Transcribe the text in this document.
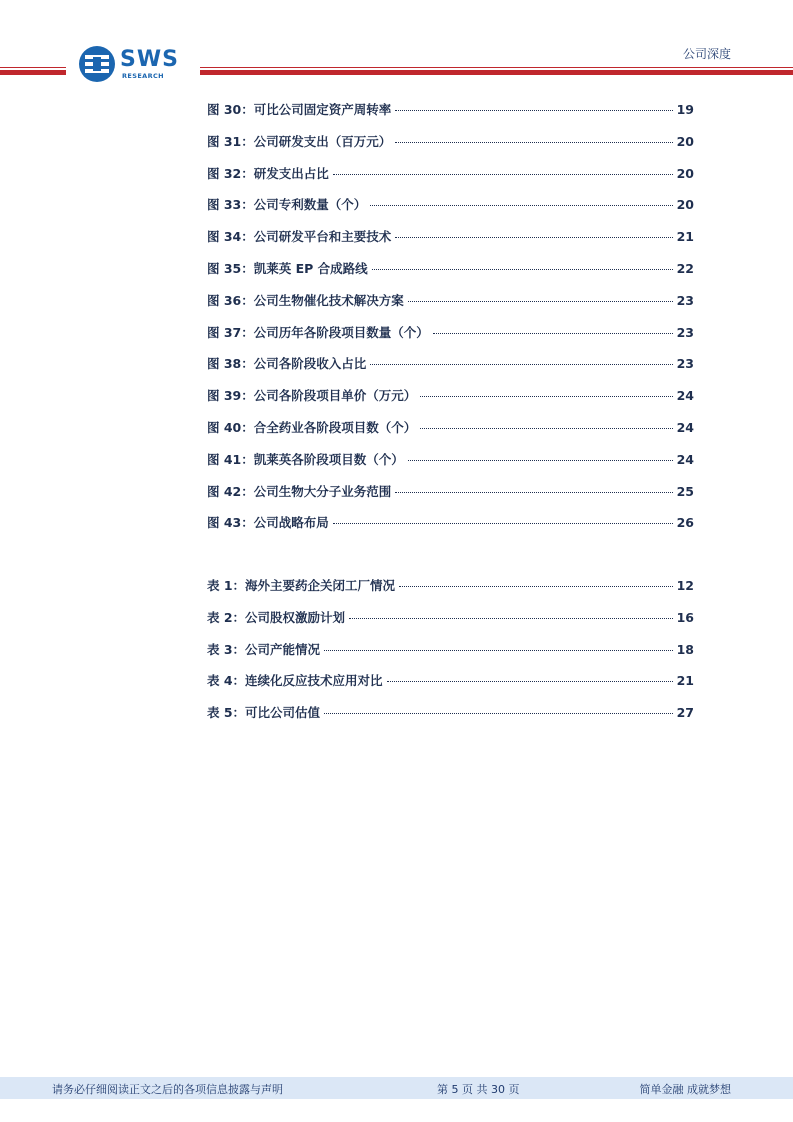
SWS
RESEARCH
公司深度
图 30：可比公司固定资产周转率	19
图 31：公司研发支出（百万元）	20
图 32：研发支出占比	20
图 33：公司专利数量（个）	20
图 34：公司研发平台和主要技术	21
图 35：凯莱英 EP 合成路线	22
图 36：公司生物催化技术解决方案	23
图 37：公司历年各阶段项目数量（个）	23
图 38：公司各阶段收入占比	23
图 39：公司各阶段项目单价（万元）	24
图 40：合全药业各阶段项目数（个）	24
图 41：凯莱英各阶段项目数（个）	24
图 42：公司生物大分子业务范围	25
图 43：公司战略布局	26
表 1：海外主要药企关闭工厂情况	12
表 2：公司股权激励计划	16
表 3：公司产能情况	18
表 4：连续化反应技术应用对比	21
表 5：可比公司估值	27
请务必仔细阅读正文之后的各项信息披露与声明	第 5 页 共 30 页	简单金融 成就梦想
